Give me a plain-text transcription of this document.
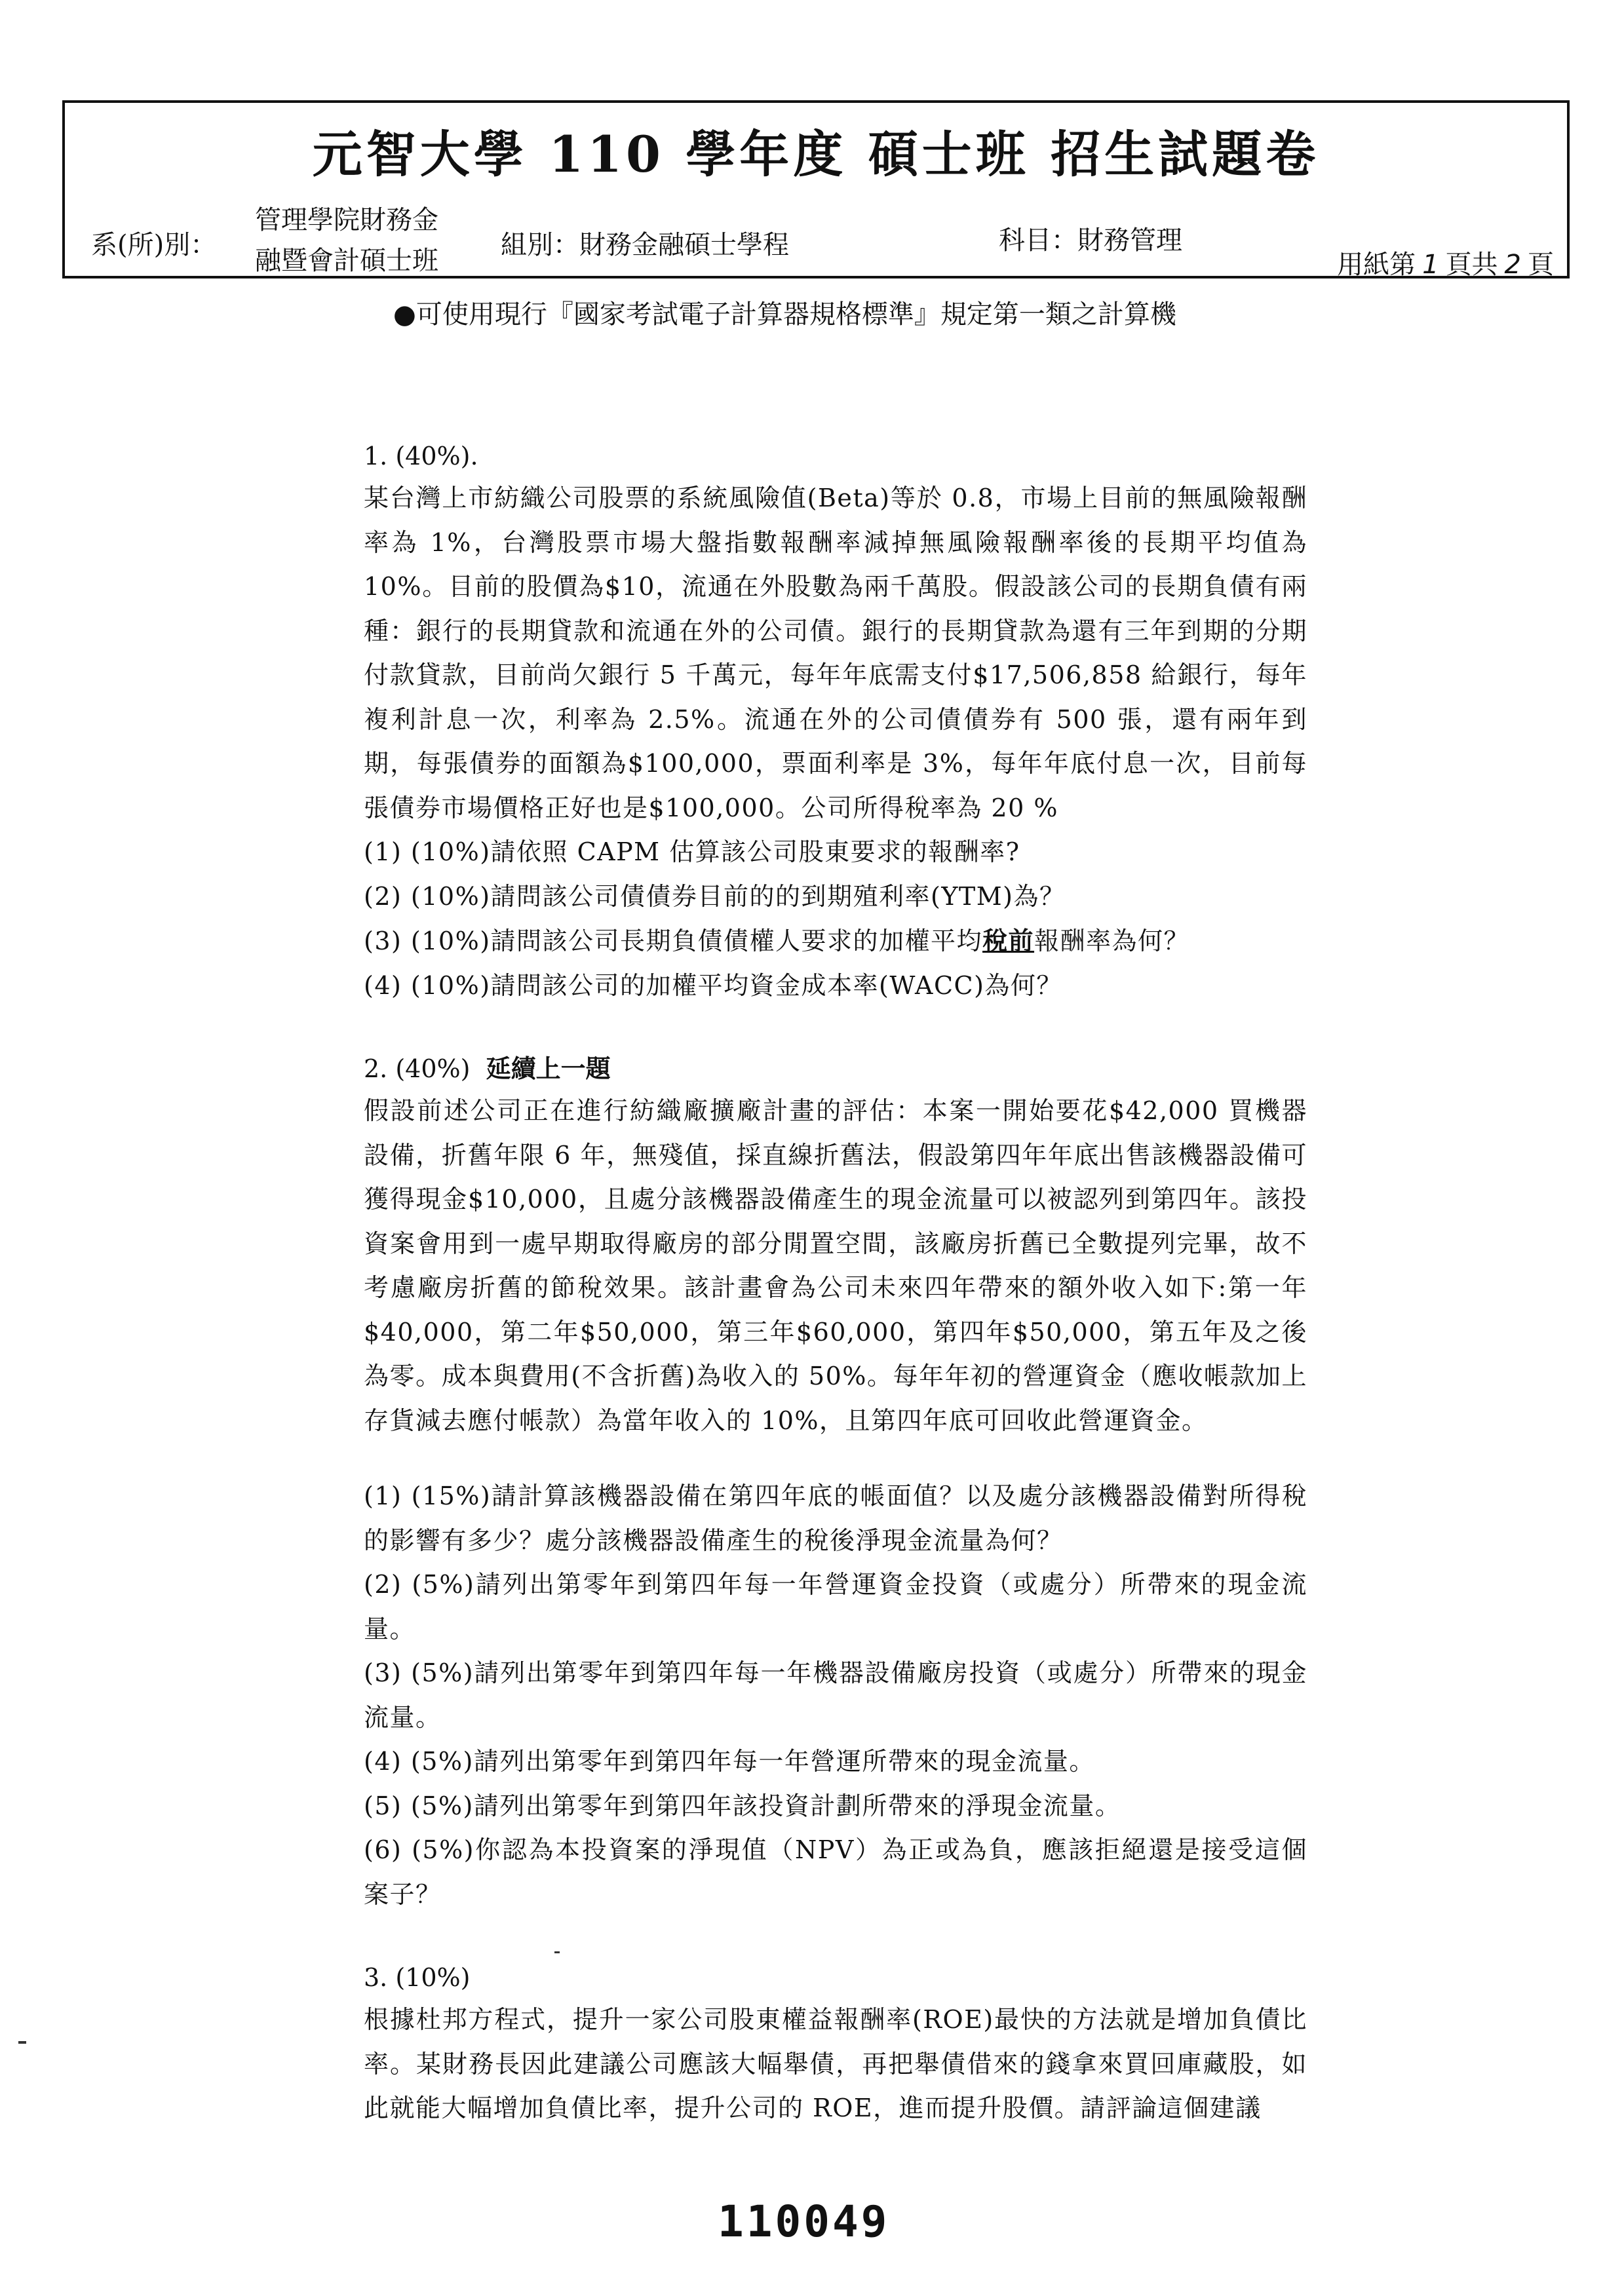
元智大學 110 學年度 碩士班 招生試題卷
系(所)別：
管理學院財務金
融暨會計碩士班
組別：財務金融碩士學程	科目：財務管理
用紙第 1 頁共 2 頁
●可使用現行『國家考試電子計算器規格標準』規定第一類之計算機
1. (40%).

某台灣上市紡織公司股票的系統風險值(Beta)等於 0.8，市場上目前的無風險報酬率為 1%，台灣股票市場大盤指數報酬率減掉無風險報酬率後的長期平均值為 10%。目前的股價為$10，流通在外股數為兩千萬股。假設該公司的長期負債有兩種：銀行的長期貸款和流通在外的公司債。銀行的長期貸款為還有三年到期的分期付款貸款，目前尚欠銀行 5 千萬元，每年年底需支付$17,506,858 給銀行，每年複利計息一次，利率為 2.5%。流通在外的公司債債券有 500 張，還有兩年到期，每張債券的面額為$100,000，票面利率是 3%，每年年底付息一次，目前每張債券市場價格正好也是$100,000。公司所得稅率為 20 %

(1) (10%)請依照 CAPM 估算該公司股東要求的報酬率?

(2) (10%)請問該公司債債券目前的的到期殖利率(YTM)為？

(3) (10%)請問該公司長期負債債權人要求的加權平均稅前報酬率為何？

(4) (10%)請問該公司的加權平均資金成本率(WACC)為何？

2. (40%) 延續上一題

假設前述公司正在進行紡織廠擴廠計畫的評估：本案一開始要花$42,000 買機器設備，折舊年限 6 年，無殘值，採直線折舊法，假設第四年年底出售該機器設備可獲得現金$10,000，且處分該機器設備產生的現金流量可以被認列到第四年。該投資案會用到一處早期取得廠房的部分閒置空間，該廠房折舊已全數提列完畢，故不考慮廠房折舊的節稅效果。該計畫會為公司未來四年帶來的額外收入如下:第一年$40,000，第二年$50,000，第三年$60,000，第四年$50,000，第五年及之後為零。成本與費用(不含折舊)為收入的 50%。每年年初的營運資金（應收帳款加上存貨減去應付帳款）為當年收入的 10%，且第四年底可回收此營運資金。

(1) (15%)請計算該機器設備在第四年底的帳面值？以及處分該機器設備對所得稅的影響有多少？處分該機器設備產生的稅後淨現金流量為何？

(2) (5%)請列出第零年到第四年每一年營運資金投資（或處分）所帶來的現金流量。

(3) (5%)請列出第零年到第四年每一年機器設備廠房投資（或處分）所帶來的現金流量。

(4) (5%)請列出第零年到第四年每一年營運所帶來的現金流量。

(5) (5%)請列出第零年到第四年該投資計劃所帶來的淨現金流量。

(6) (5%)你認為本投資案的淨現值（NPV）為正或為負，應該拒絕還是接受這個案子？

3. (10%)

根據杜邦方程式，提升一家公司股東權益報酬率(ROE)最快的方法就是增加負債比率。某財務長因此建議公司應該大幅舉債，再把舉債借來的錢拿來買回庫藏股，如此就能大幅增加負債比率，提升公司的 ROE，進而提升股價。請評論這個建議

110049
